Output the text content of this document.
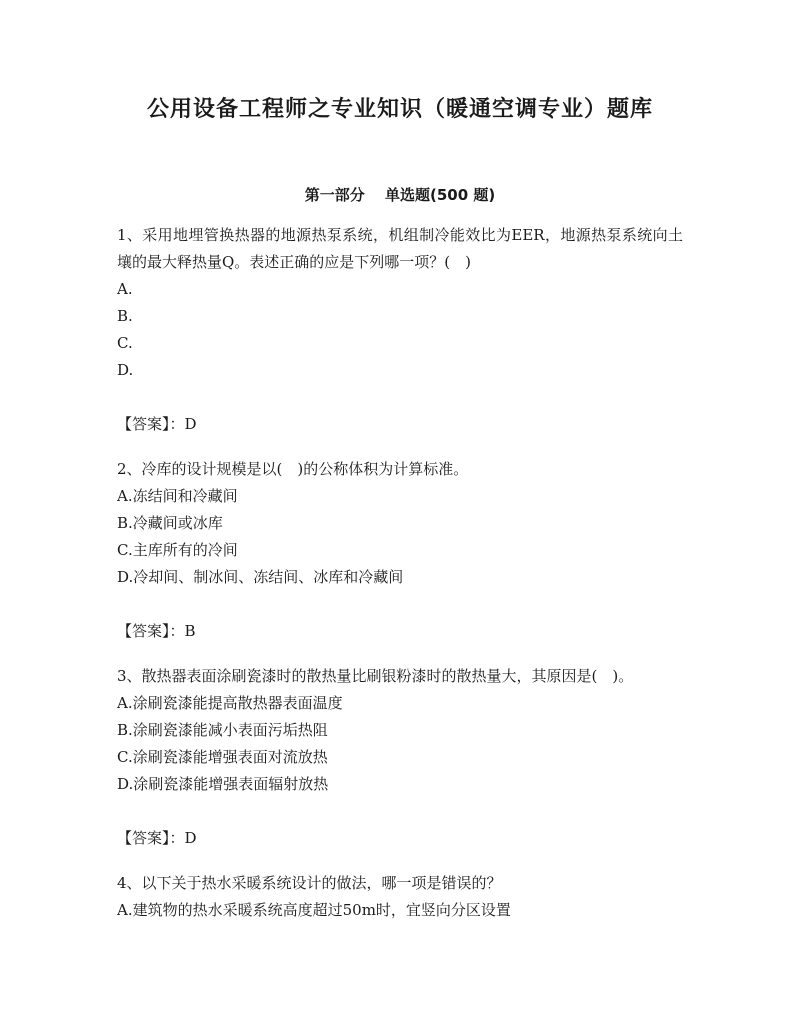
公用设备工程师之专业知识（暖通空调专业）题库
第一部分　 单选题(500 题)

1、采用地埋管换热器的地源热泵系统，机组制冷能效比为EER，地源热泵系统向土壤的最大释热量Q。表述正确的应是下列哪一项？(　)

A.

B.

C.

D.

【答案】：D

2、冷库的设计规模是以(　)的公称体积为计算标准。

A.冻结间和冷藏间

B.冷藏间或冰库

C.主库所有的冷间

D.冷却间、制冰间、冻结间、冰库和冷藏间

【答案】：B

3、散热器表面涂刷瓷漆时的散热量比刷银粉漆时的散热量大，其原因是(　)。

A.涂刷瓷漆能提高散热器表面温度

B.涂刷瓷漆能减小表面污垢热阻

C.涂刷瓷漆能增强表面对流放热

D.涂刷瓷漆能增强表面辐射放热

【答案】：D

4、以下关于热水采暖系统设计的做法，哪一项是错误的？

A.建筑物的热水采暖系统高度超过50m时，宜竖向分区设置
